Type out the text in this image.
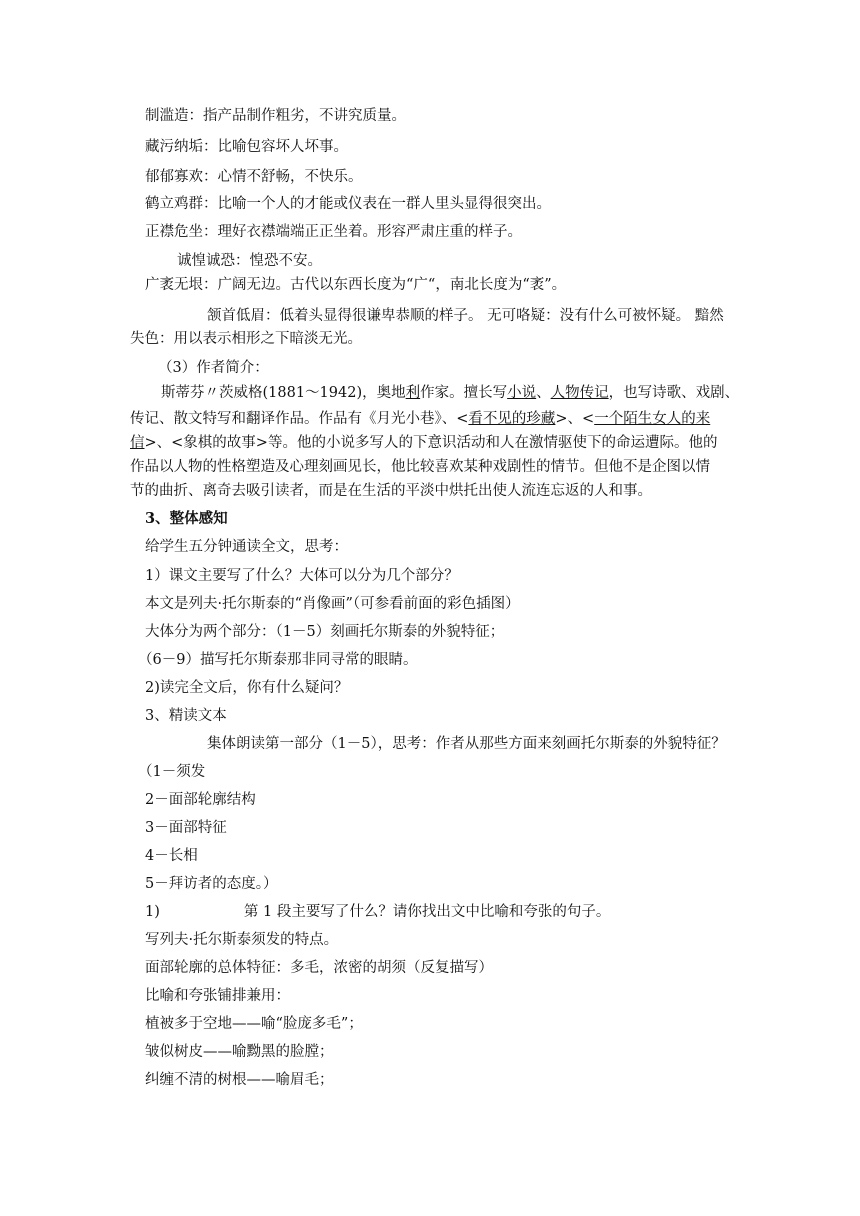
制滥造：指产品制作粗劣，不讲究质量。
藏污纳垢：比喻包容坏人坏事。
郁郁寡欢：心情不舒畅，不快乐。
鹤立鸡群：比喻一个人的才能或仪表在一群人里头显得很突出。
正襟危坐：理好衣襟端端正正坐着。形容严肃庄重的样子。
诚惶诚恐：惶恐不安。
广袤无垠：广阔无边。古代以东西长度为“广“，南北长度为“袤”。
颔首低眉：低着头显得很谦卑恭顺的样子。 无可咯疑：没有什么可被怀疑。 黯然
失色：用以表示相形之下暗淡无光。
（3）作者简介：
斯蒂芬〃茨威格(1881～1942)，奥地利作家。擅长写小说、人物传记，也写诗歌、戏剧、
传记、散文特写和翻译作品。作品有《月光小巷》、<看不见的珍藏>、<一个陌生女人的来
信>、<象棋的故事>等。他的小说多写人的下意识活动和人在激情驱使下的命运遭际。他的
作品以人物的性格塑造及心理刻画见长，他比较喜欢某种戏剧性的情节。但他不是企图以情
节的曲折、离奇去吸引读者，而是在生活的平淡中烘托出使人流连忘返的人和事。
3、整体感知
给学生五分钟通读全文，思考：
1）课文主要写了什么？大体可以分为几个部分？
本文是列夫·托尔斯泰的“肖像画”（可参看前面的彩色插图）
大体分为两个部分：（1－5）刻画托尔斯泰的外貌特征；
（6－9）描写托尔斯泰那非同寻常的眼睛。
2)读完全文后，你有什么疑问？
3、精读文本
集体朗读第一部分（1－5），思考：作者从那些方面来刻画托尔斯泰的外貌特征？
（1－须发
2－面部轮廓结构
3－面部特征
4－长相
5－拜访者的态度。）
1)	第 1 段主要写了什么？请你找出文中比喻和夸张的句子。
写列夫·托尔斯泰须发的特点。
面部轮廓的总体特征：多毛，浓密的胡须（反复描写）
比喻和夸张铺排兼用：
植被多于空地——喻“脸庞多毛”；
皱似树皮——喻黝黑的脸膛；
纠缠不清的树根——喻眉毛；
